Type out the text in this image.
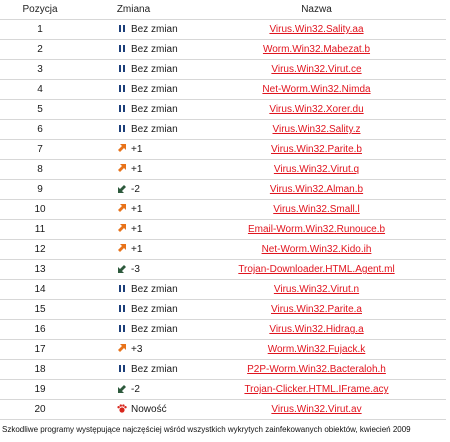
Pozycja	Zmiana	Nazwa
1	Bez zmian	Virus.Win32.Sality.aa
2	Bez zmian	Worm.Win32.Mabezat.b
3	Bez zmian	Virus.Win32.Virut.ce
4	Bez zmian	Net-Worm.Win32.Nimda
5	Bez zmian	Virus.Win32.Xorer.du
6	Bez zmian	Virus.Win32.Sality.z
7	+1	Virus.Win32.Parite.b
8	+1	Virus.Win32.Virut.q
9	-2	Virus.Win32.Alman.b
10	+1	Virus.Win32.Small.l
11	+1	Email-Worm.Win32.Runouce.b
12	+1	Net-Worm.Win32.Kido.ih
13	-3	Trojan-Downloader.HTML.Agent.ml
14	Bez zmian	Virus.Win32.Virut.n
15	Bez zmian	Virus.Win32.Parite.a
16	Bez zmian	Virus.Win32.Hidrag.a
17	+3	Worm.Win32.Fujack.k
18	Bez zmian	P2P-Worm.Win32.Bacteraloh.h
19	-2	Trojan-Clicker.HTML.IFrame.acy
20	Nowość	Virus.Win32.Virut.av
Szkodliwe programy występujące najczęściej wśród wszystkich wykrytych zainfekowanych obiektów, kwiecień 2009
